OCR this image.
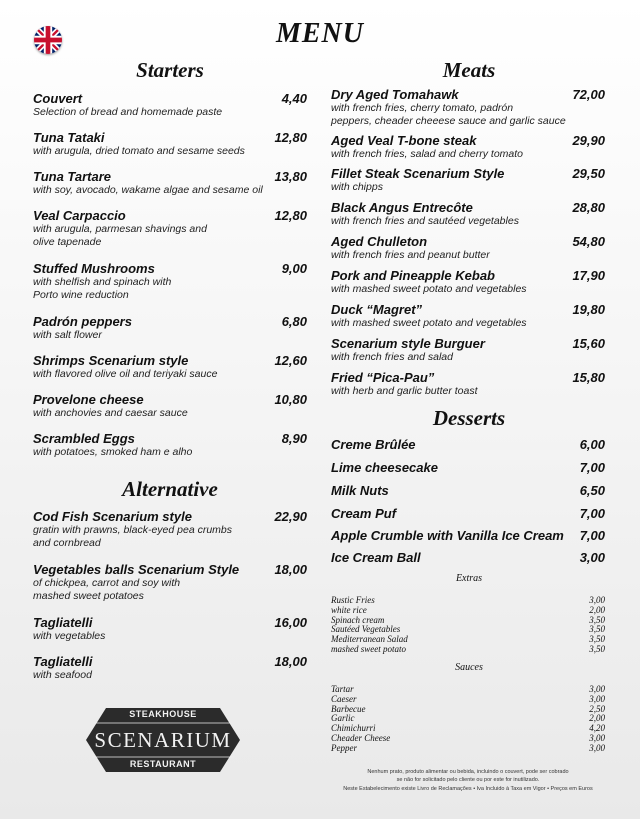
MENU
Starters	Meats
Alternative
Desserts
Couvert	4,40
Selection of bread and homemade paste
Tuna Tataki	12,80
with arugula, dried tomato and sesame seeds
Tuna Tartare	13,80
with soy, avocado, wakame algae and sesame oil
Veal Carpaccio	12,80
with arugula, parmesan shavings and
olive tapenade
Stuffed Mushrooms	9,00
with shelfish and spinach with
Porto wine reduction
Padrón peppers	6,80
with salt flower
Shrimps Scenarium style	12,60
with flavored olive oil and teriyaki sauce
Provelone cheese	10,80
with anchovies and caesar sauce
Scrambled Eggs	8,90
with potatoes, smoked ham e alho
Cod Fish Scenarium style	22,90
gratin with prawns, black-eyed pea crumbs
and cornbread
Vegetables balls Scenarium Style	18,00
of chickpea, carrot and soy with
mashed sweet potatoes
Tagliatelli	16,00
with vegetables
Tagliatelli	18,00
with seafood
Dry Aged Tomahawk	72,00
with french fries, cherry tomato, padrón
peppers, cheader cheeese sauce and garlic sauce
Aged Veal T-bone steak	29,90
with french fries, salad and cherry tomato
Fillet Steak Scenarium Style	29,50
with chipps
Black Angus Entrecôte	28,80
with french fries and sautéed vegetables
Aged Chulleton	54,80
with french fries and peanut butter
Pork and Pineapple Kebab	17,90
with mashed sweet potato and vegetables
Duck “Magret”	19,80
with mashed sweet potato and vegetables
Scenarium style Burguer	15,60
with french fries and salad
Fried “Pica-Pau”	15,80
with herb and garlic butter toast
Creme Brûlée	6,00
Lime cheesecake	7,00
Milk Nuts	6,50
Cream Puf	7,00
Apple Crumble with Vanilla Ice Cream 7,00
Ice Cream Ball	3,00
Extras
Rustic Fries	3,00
white rice	2,00
Spinach cream	3,50
Sautéed Vegetables	3,50
Mediterranean Salad	3,50
mashed sweet potato	3,50
Sauces
Tartar	3,00
Caeser	3,00
Barbecue	2,50
Garlic	2,00
Chimichurri	4,20
Cheader Cheese	3,00
Pepper	3,00
STEAKHOUSE
SCENARIUM
RESTAURANT
Nenhum prato, produto alimentar ou bebida, incluindo o couvert, pode ser cobrado
se não for solicitado pelo cliente ou por este for inutilizado.
Neste Estabelecimento existe Livro de Reclamações • Iva Incluido à Taxa em Vigor • Preços em Euros
